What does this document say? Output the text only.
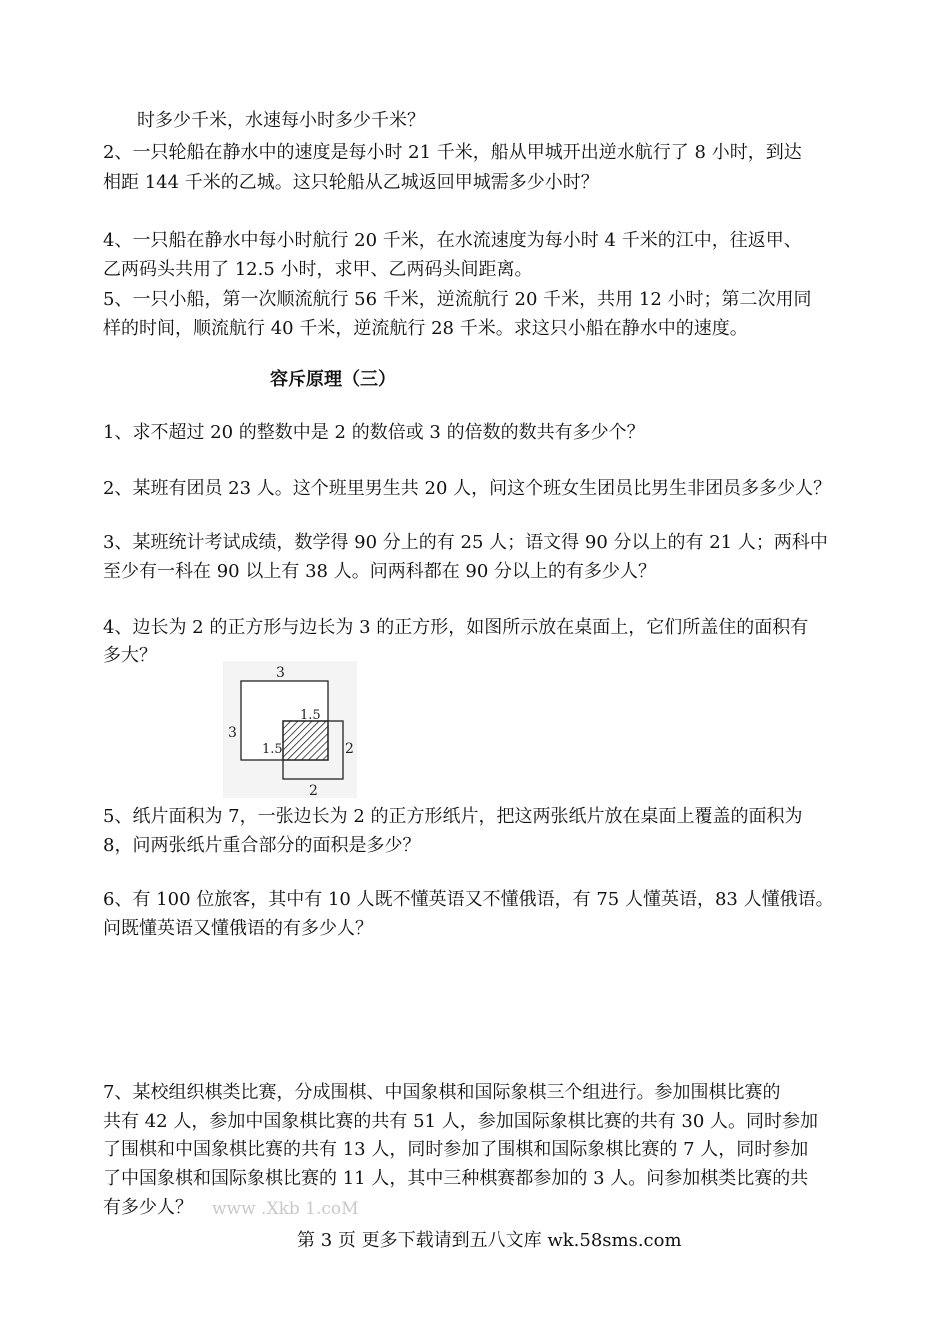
时多少千米，水速每小时多少千米？
2、一只轮船在静水中的速度是每小时 21 千米，船从甲城开出逆水航行了 8 小时，到达
相距 144 千米的乙城。这只轮船从乙城返回甲城需多少小时？
4、一只船在静水中每小时航行 20 千米，在水流速度为每小时 4 千米的江中，往返甲、
乙两码头共用了 12.5 小时，求甲、乙两码头间距离。
5、一只小船，第一次顺流航行 56 千米，逆流航行 20 千米，共用 12 小时；第二次用同
样的时间，顺流航行 40 千米，逆流航行 28 千米。求这只小船在静水中的速度。
容斥原理（三）
1、求不超过 20 的整数中是 2 的数倍或 3 的倍数的数共有多少个？
2、某班有团员 23 人。这个班里男生共 20 人，问这个班女生团员比男生非团员多多少人？
3、某班统计考试成绩，数学得 90 分上的有 25 人；语文得 90 分以上的有 21 人；两科中
至少有一科在 90 以上有 38 人。问两科都在 90 分以上的有多少人？
4、边长为 2 的正方形与边长为 3 的正方形，如图所示放在桌面上，它们所盖住的面积有
多大？
3
3
1.5
1.5	2
2
5、纸片面积为 7，一张边长为 2 的正方形纸片，把这两张纸片放在桌面上覆盖的面积为
8，问两张纸片重合部分的面积是多少？
6、有 100 位旅客，其中有 10 人既不懂英语又不懂俄语，有 75 人懂英语，83 人懂俄语。
问既懂英语又懂俄语的有多少人？
7、某校组织棋类比赛，分成围棋、中国象棋和国际象棋三个组进行。参加围棋比赛的
共有 42 人，参加中国象棋比赛的共有 51 人，参加国际象棋比赛的共有 30 人。同时参加
了围棋和中国象棋比赛的共有 13 人，同时参加了围棋和国际象棋比赛的 7 人，同时参加
了中国象棋和国际象棋比赛的 11 人，其中三种棋赛都参加的 3 人。问参加棋类比赛的共
有多少人？ www .Xkb 1.coM
第 3 页 更多下载请到五八文库 wk.58sms.com
